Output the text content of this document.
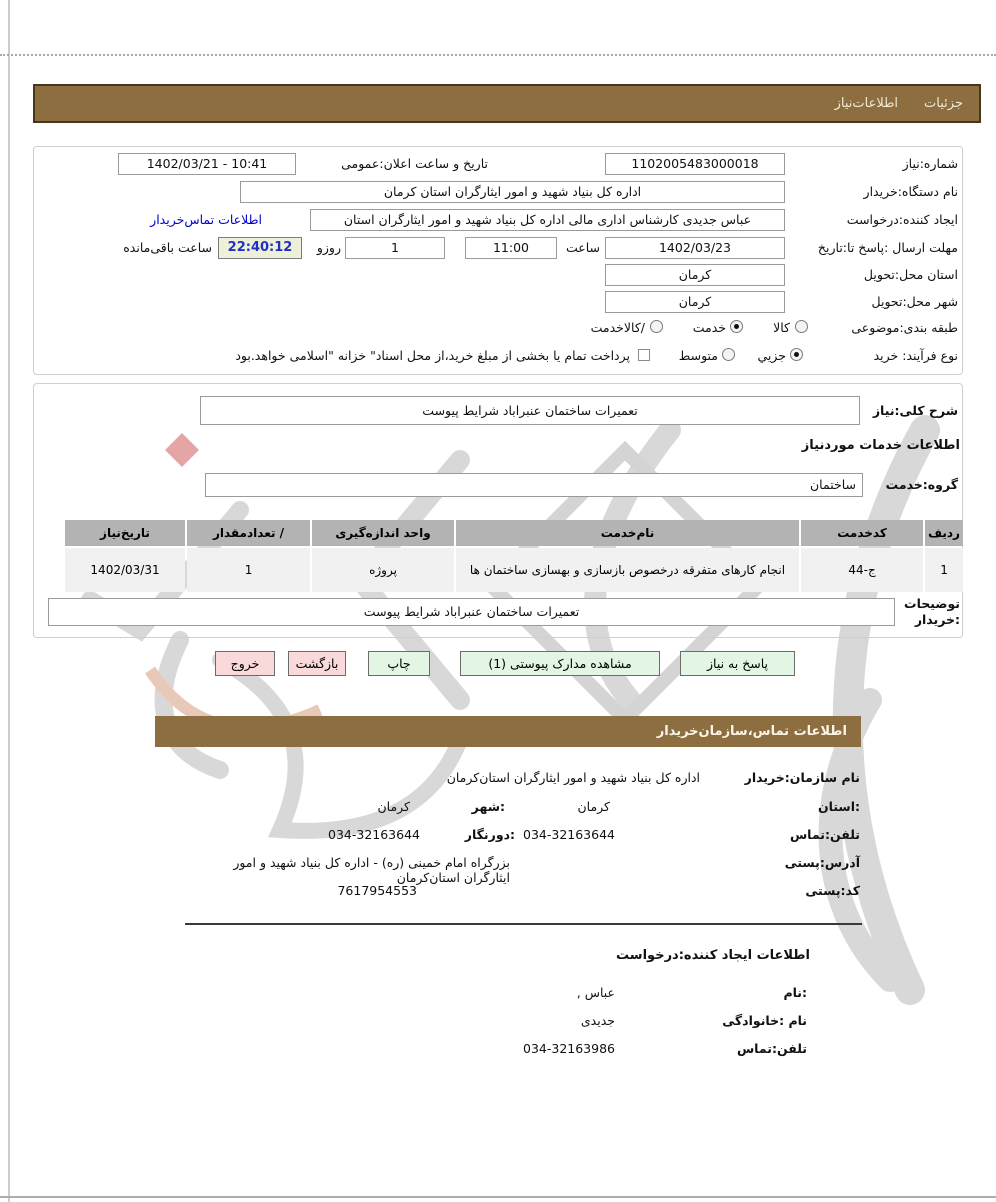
جزئیات
اطلاعات‌نیاز
شماره:نیاز
1102005483000018
تاریخ و ساعت اعلان:عمومی
1402/03/21 - 10:41
نام دستگاه:خریدار
اداره کل بنیاد شهید و امور ایثارگران استان کرمان
ایجاد کننده:درخواست
عباس جدیدی کارشناس اداری مالی اداره کل بنیاد شهید و امور ایثارگران استان
اطلاعات تماس‌خریدار
مهلت ارسال :پاسخ تا:تاریخ
1402/03/23
ساعت
11:00
1
روزو
22:40:12
ساعت باقی‌مانده
استان محل:تحویل
کرمان
شهر محل:تحویل
کرمان
طبقه بندی:موضوعی
کالا
خدمت
/کالاخدمت
نوع فرآیند: خرید
جزیي
متوسط
پرداخت تمام یا بخشی از مبلغ خرید،از محل اسناد" خزانه "اسلامی خواهد.بود
شرح کلی:نیاز
تعمیرات ساختمان عنبراباد شرایط پیوست
اطلاعات خدمات موردنیاز
گروه:خدمت
ساختمان
ردیف
کدخدمت
نام‌خدمت
واحد اندازه‌گیری
/ تعدادمقدار
تاریخ‌نیاز
1
ج-44
انجام کارهای متفرقه درخصوص بازسازی و بهسازی ساختمان ها
پروژه
1
1402/03/31
توضیحات
:خریدار
تعمیرات ساختمان عنبراباد شرایط پیوست
پاسخ به نیاز
مشاهده مدارک پیوستی (1)
چاپ
بازگشت
خروج
اطلاعات تماس،سازمان‌خریدار
نام سازمان:خریدار
اداره کل بنیاد شهید و امور ایثارگران استان‌کرمان
:استان
کرمان
:شهر
کرمان
تلفن:تماس
034-32163644
:دورنگار
034-32163644
آدرس:پستی
بزرگراه امام خمینی (ره) - اداره کل بنیاد شهید و امور ایثارگران استان‌کرمان
کد:پستی
7617954553
اطلاعات ایجاد کننده:درخواست
:نام
عباس ,
نام :خانوادگی
جدیدی
تلفن:تماس
034-32163986
